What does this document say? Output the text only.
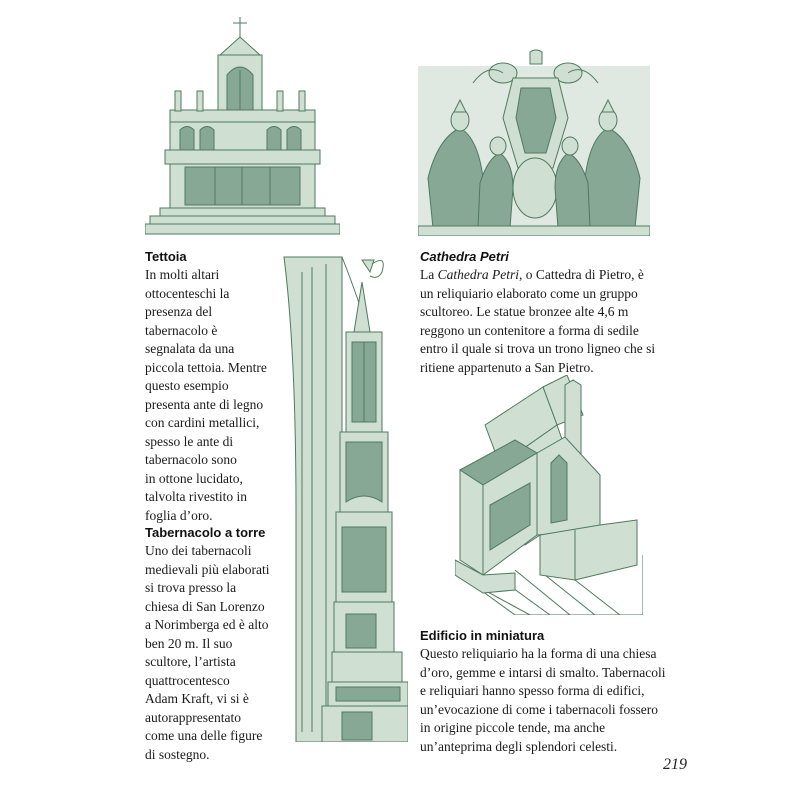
Tettoia
In molti altari
ottocenteschi la
presenza del
tabernacolo è
segnalata da una
piccola tettoia. Mentre
questo esempio
presenta ante di legno
con cardini metallici,
spesso le ante di
tabernacolo sono
in ottone lucidato,
talvolta rivestito in
foglia d’oro.
Tabernacolo a torre
Uno dei tabernacoli
medievali più elaborati
si trova presso la
chiesa di San Lorenzo
a Norimberga ed è alto
ben 20 m. Il suo
scultore, l’artista
quattrocentesco
Adam Kraft, vi si è
autorappresentato
come una delle figure
di sostegno.
Cathedra Petri
La Cathedra Petri, o Cattedra di Pietro, è
un reliquiario elaborato come un gruppo
scultoreo. Le statue bronzee alte 4,6 m
reggono un contenitore a forma di sedile
entro il quale si trova un trono ligneo che si
ritiene appartenuto a San Pietro.
Edificio in miniatura
Questo reliquiario ha la forma di una chiesa
d’oro, gemme e intarsi di smalto. Tabernacoli
e reliquiari hanno spesso forma di edifici,
un’evocazione di come i tabernacoli fossero
in origine piccole tende, ma anche
un’anteprima degli splendori celesti.
219
